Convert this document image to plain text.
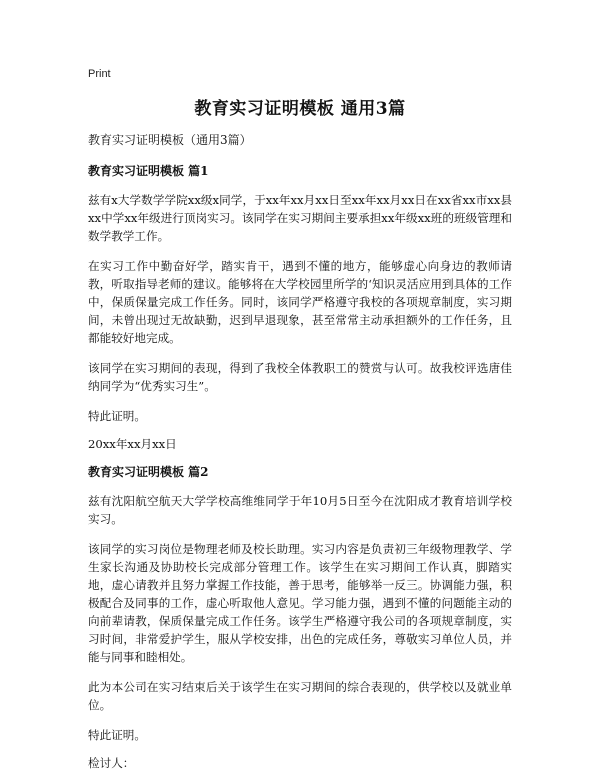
Print
教育实习证明模板 通用3篇

教育实习证明模板（通用3篇）

教育实习证明模板 篇1

兹有x大学数学学院xx级x同学，于xx年xx月xx日至xx年xx月xx日在xx省xx市xx县xx中学xx年级进行顶岗实习。该同学在实习期间主要承担xx年级xx班的班级管理和数学教学工作。

在实习工作中勤奋好学，踏实肯干，遇到不懂的地方，能够虚心向身边的教师请教，听取指导老师的建议。能够将在大学校园里所学的‘知识灵活应用到具体的工作中，保质保量完成工作任务。同时，该同学严格遵守我校的各项规章制度，实习期间，未曾出现过无故缺勤，迟到早退现象，甚至常常主动承担额外的工作任务，且都能较好地完成。

该同学在实习期间的表现，得到了我校全体教职工的赞赏与认可。故我校评选唐佳纳同学为“优秀实习生”。

特此证明。

20xx年xx月xx日

教育实习证明模板 篇2

兹有沈阳航空航天大学学校高维维同学于年10月5日至今在沈阳成才教育培训学校实习。

该同学的实习岗位是物理老师及校长助理。实习内容是负责初三年级物理教学、学生家长沟通及协助校长完成部分管理工作。该学生在实习期间工作认真，脚踏实地，虚心请教并且努力掌握工作技能，善于思考，能够举一反三。协调能力强，积极配合及同事的工作，虚心听取他人意见。学习能力强，遇到不懂的问题能主动的向前辈请教，保质保量完成工作任务。该学生严格遵守我公司的各项规章制度，实习时间，非常爱护学生，服从学校安排，出色的完成任务，尊敬实习单位人员，并能与同事和睦相处。

此为本公司在实习结束后关于该学生在实习期间的综合表现的，供学校以及就业单位。

特此证明。

检讨人：
